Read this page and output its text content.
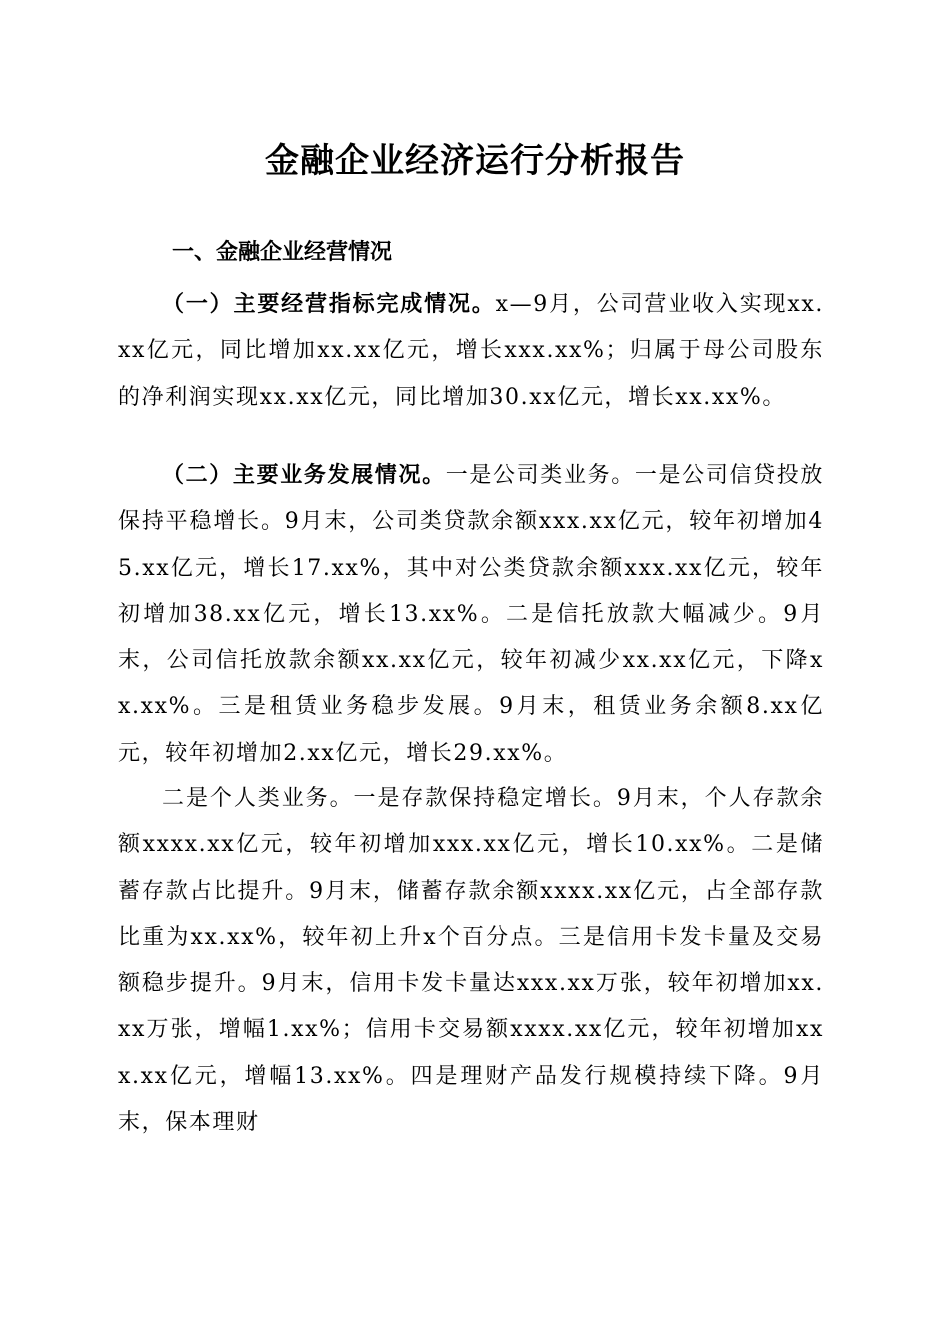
金融企业经济运行分析报告
一、金融企业经营情况

（一）主要经营指标完成情况。x—9月，公司营业收入实现xx.xx亿元，同比增加xx.xx亿元，增长xxx.xx%；归属于母公司股东的净利润实现xx.xx亿元，同比增加30.xx亿元，增长xx.xx%。

（二）主要业务发展情况。一是公司类业务。一是公司信贷投放保持平稳增长。9月末，公司类贷款余额xxx.xx亿元，较年初增加45.xx亿元，增长17.xx%，其中对公类贷款余额xxx.xx亿元，较年初增加38.xx亿元，增长13.xx%。二是信托放款大幅减少。9月末，公司信托放款余额xx.xx亿元，较年初减少xx.xx亿元，下降xx.xx%。三是租赁业务稳步发展。9月末，租赁业务余额8.xx亿元，较年初增加2.xx亿元，增长29.xx%。

二是个人类业务。一是存款保持稳定增长。9月末，个人存款余额xxxx.xx亿元，较年初增加xxx.xx亿元，增长10.xx%。二是储蓄存款占比提升。9月末，储蓄存款余额xxxx.xx亿元，占全部存款比重为xx.xx%，较年初上升x个百分点。三是信用卡发卡量及交易额稳步提升。9月末，信用卡发卡量达xxx.xx万张，较年初增加xx.xx万张，增幅1.xx%；信用卡交易额xxxx.xx亿元，较年初增加xxx.xx亿元，增幅13.xx%。四是理财产品发行规模持续下降。9月末，保本理财
